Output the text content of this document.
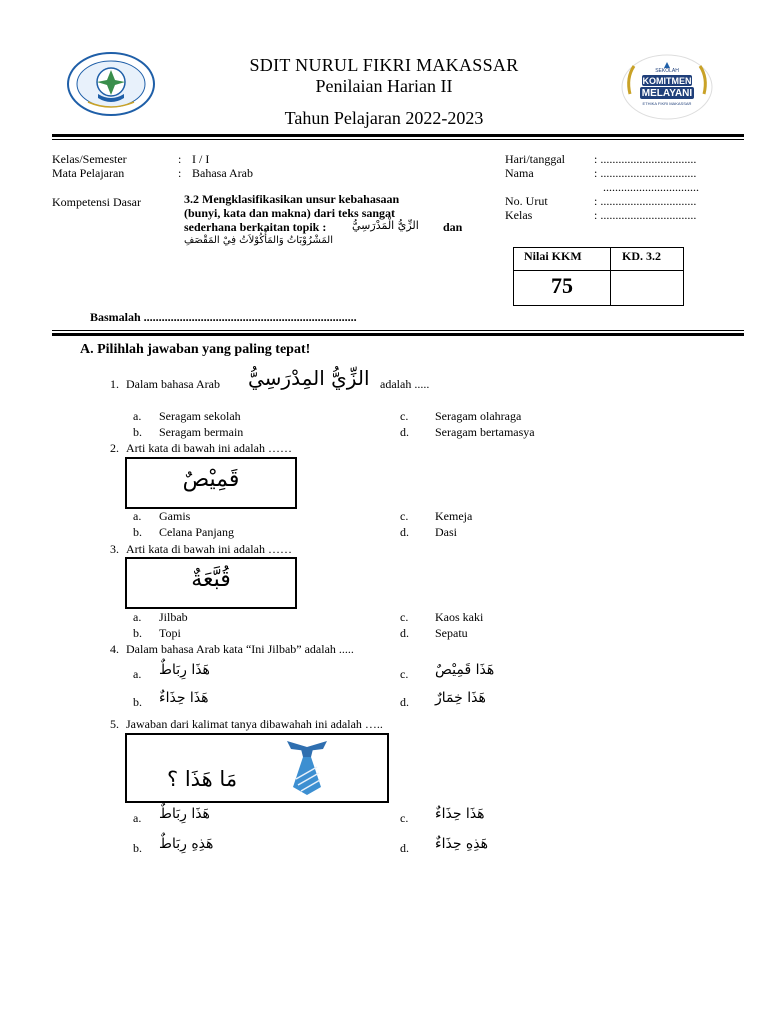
SEKOLAH
KOMITMEN
MELAYANI
ETHIKA FIKRI MAKASSAR
SDIT NURUL FIKRI MAKASSAR
Penilaian Harian II
Tahun Pelajaran 2022-2023
Kelas/Semester	: I / I
Mata Pelajaran	: Bahasa Arab
Kompetensi Dasar	3.2 Mengklasifikasikan unsur kebahasaan
(bunyi, kata dan makna) dari teks sangat
sederhana berkaitan topik : الزِّيُّ الْمَدْرَسِيُّ dan
المَشْرُوْبَاتُ وَالمَأْكُوْلاَتُ فِيْ المَقْصَفِ
Hari/tanggal : ................................
Nama	: ................................
................................
No. Urut	: ................................
Kelas	: ................................
Nilai KKM	KD. 3.2
75
Basmalah .......................................................................
A. Pilihlah jawaban yang paling tepat!
1. Dalam bahasa Arab الزِّيُّ المِدْرَسِيُّ adalah .....
a. Seragam sekolah
b. Seragam bermain
c. Seragam olahraga
d. Seragam bertamasya
2. Arti kata di bawah ini adalah ……
قَمِيْصٌ
a. Gamis
b. Celana Panjang
c. Kemeja
d. Dasi
3. Arti kata di bawah ini adalah ……
قُبَّعَةٌ
a. Jilbab
b. Topi
c. Kaos kaki
d. Sepatu
4. Dalam bahasa Arab kata “Ini Jilbab” adalah .....
a. هَذَا رِبَاطٌ
b. هَذَا حِذَاءٌ
c. هَذَا قَمِيْصٌ
d. هَذَا خِمَارٌ
5. Jawaban dari kalimat tanya dibawahah ini adalah …..
مَا هَذَا ؟
a. هَذَا رِبَاطٌ
b. هَذِهِ رِبَاطٌ
c. هَذَا حِذَاءٌ
d. هَذِهِ حِذَاءٌ
